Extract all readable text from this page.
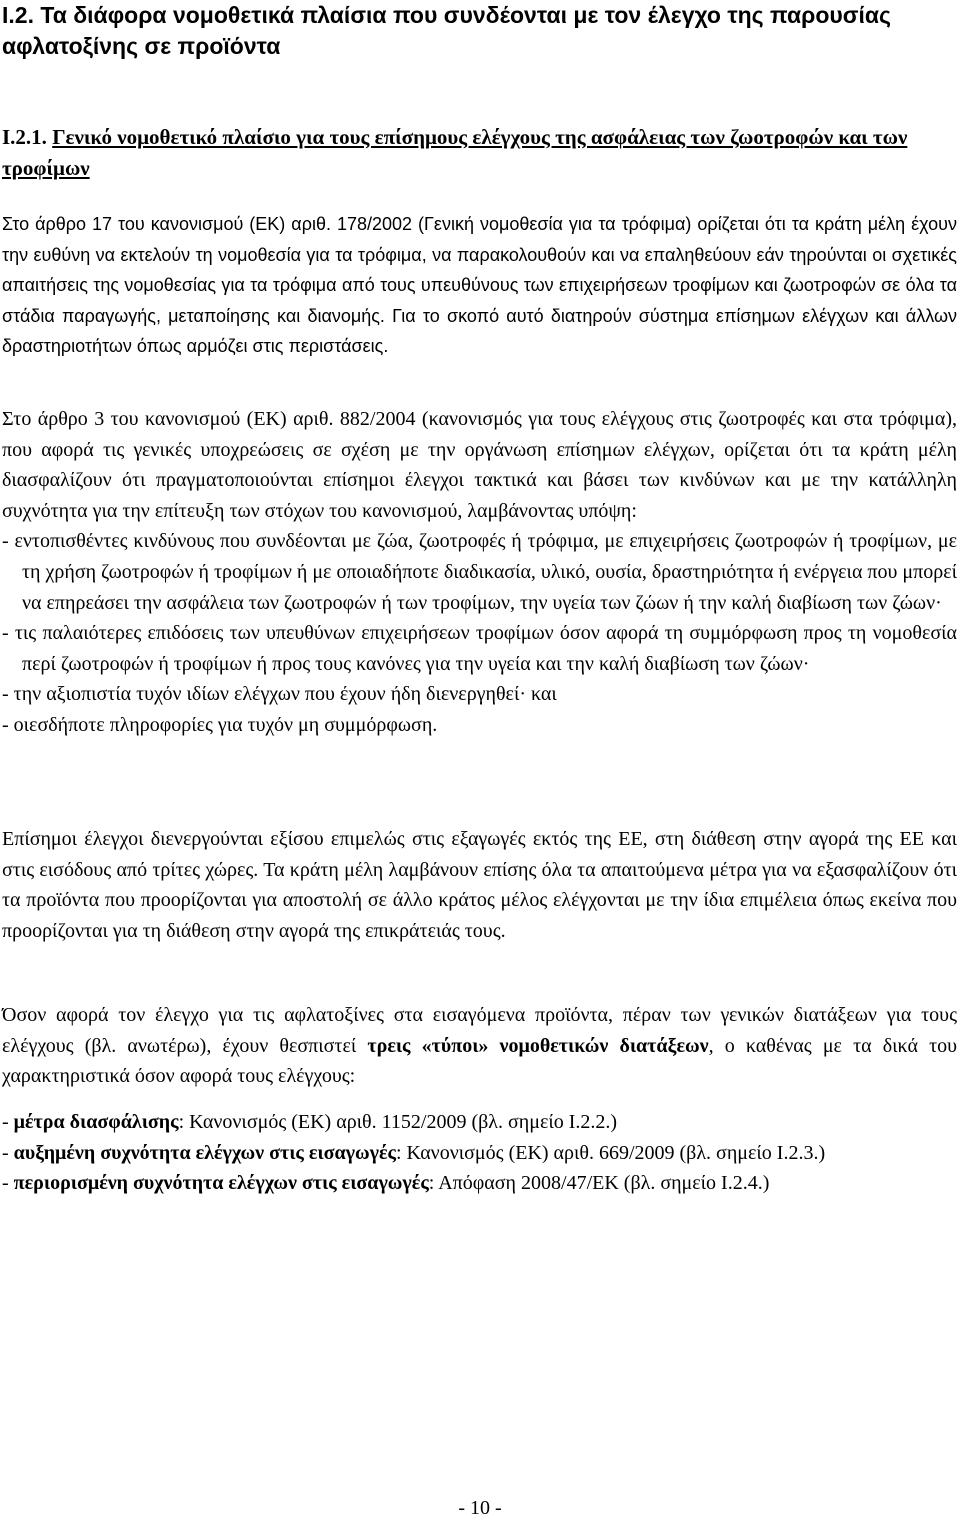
I.2. Τα διάφορα νομοθετικά πλαίσια που συνδέονται με τον έλεγχο της παρουσίας αφλατοξίνης σε προϊόντα
I.2.1. Γενικό νομοθετικό πλαίσιο για τους επίσημους ελέγχους της ασφάλειας των ζωοτροφών και των τροφίμων

Στο άρθρο 17 του κανονισμού (ΕΚ) αριθ. 178/2002 (Γενική νομοθεσία για τα τρόφιμα) ορίζεται ότι τα κράτη μέλη έχουν την ευθύνη να εκτελούν τη νομοθεσία για τα τρόφιμα, να παρακολουθούν και να επαληθεύουν εάν τηρούνται οι σχετικές απαιτήσεις της νομοθεσίας για τα τρόφιμα από τους υπευθύνους των επιχειρήσεων τροφίμων και ζωοτροφών σε όλα τα στάδια παραγωγής, μεταποίησης και διανομής. Για το σκοπό αυτό διατηρούν σύστημα επίσημων ελέγχων και άλλων δραστηριοτήτων όπως αρμόζει στις περιστάσεις.

Στο άρθρο 3 του κανονισμού (ΕΚ) αριθ. 882/2004 (κανονισμός για τους ελέγχους στις ζωοτροφές και στα τρόφιμα), που αφορά τις γενικές υποχρεώσεις σε σχέση με την οργάνωση επίσημων ελέγχων, ορίζεται ότι τα κράτη μέλη διασφαλίζουν ότι πραγματοποιούνται επίσημοι έλεγχοι τακτικά και βάσει των κινδύνων και με την κατάλληλη συχνότητα για την επίτευξη των στόχων του κανονισμού, λαμβάνοντας υπόψη:

- εντοπισθέντες κινδύνους που συνδέονται με ζώα, ζωοτροφές ή τρόφιμα, με επιχειρήσεις ζωοτροφών ή τροφίμων, με τη χρήση ζωοτροφών ή τροφίμων ή με οποιαδήποτε διαδικασία, υλικό, ουσία, δραστηριότητα ή ενέργεια που μπορεί να επηρεάσει την ασφάλεια των ζωοτροφών ή των τροφίμων, την υγεία των ζώων ή την καλή διαβίωση των ζώων·

- τις παλαιότερες επιδόσεις των υπευθύνων επιχειρήσεων τροφίμων όσον αφορά τη συμμόρφωση προς τη νομοθεσία περί ζωοτροφών ή τροφίμων ή προς τους κανόνες για την υγεία και την καλή διαβίωση των ζώων·

- την αξιοπιστία τυχόν ιδίων ελέγχων που έχουν ήδη διενεργηθεί· και

- οιεσδήποτε πληροφορίες για τυχόν μη συμμόρφωση.

Επίσημοι έλεγχοι διενεργούνται εξίσου επιμελώς στις εξαγωγές εκτός της ΕΕ, στη διάθεση στην αγορά της ΕΕ και στις εισόδους από τρίτες χώρες. Τα κράτη μέλη λαμβάνουν επίσης όλα τα απαιτούμενα μέτρα για να εξασφαλίζουν ότι τα προϊόντα που προορίζονται για αποστολή σε άλλο κράτος μέλος ελέγχονται με την ίδια επιμέλεια όπως εκείνα που προορίζονται για τη διάθεση στην αγορά της επικράτειάς τους.

Όσον αφορά τον έλεγχο για τις αφλατοξίνες στα εισαγόμενα προϊόντα, πέραν των γενικών διατάξεων για τους ελέγχους (βλ. ανωτέρω), έχουν θεσπιστεί τρεις «τύποι» νομοθετικών διατάξεων, ο καθένας με τα δικά του χαρακτηριστικά όσον αφορά τους ελέγχους:

- μέτρα διασφάλισης: Κανονισμός (ΕΚ) αριθ. 1152/2009 (βλ. σημείο I.2.2.)

- αυξημένη συχνότητα ελέγχων στις εισαγωγές: Κανονισμός (ΕΚ) αριθ. 669/2009 (βλ. σημείο I.2.3.)

- περιορισμένη συχνότητα ελέγχων στις εισαγωγές: Απόφαση 2008/47/ΕΚ (βλ. σημείο I.2.4.)

- 10 -
